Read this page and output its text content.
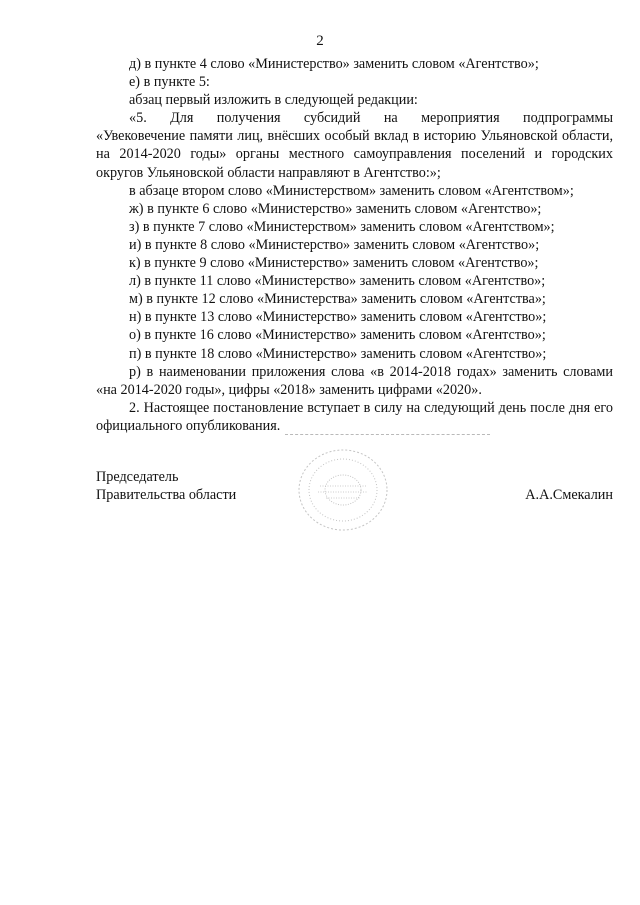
2

д) в пункте 4 слово «Министерство» заменить словом «Агентство»;

е) в пункте 5:

абзац первый изложить в следующей редакции:

«5. Для получения субсидий на мероприятия подпрограммы
«Увековечение памяти лиц, внёсших особый вклад в историю Ульяновской области, на 2014-2020 годы» органы местного самоуправления поселений и городских округов Ульяновской области направляют в Агентство:»;

в абзаце втором слово «Министерством» заменить словом «Агентством»;

ж) в пункте 6 слово «Министерство» заменить словом «Агентство»;

з) в пункте 7 слово «Министерством» заменить словом «Агентством»;

и) в пункте 8 слово «Министерство» заменить словом «Агентство»;

к) в пункте 9 слово «Министерство» заменить словом «Агентство»;

л) в пункте 11 слово «Министерство» заменить словом «Агентство»;

м) в пункте 12 слово «Министерства» заменить словом «Агентства»;

н) в пункте 13 слово «Министерство» заменить словом «Агентство»;

о) в пункте 16 слово «Министерство» заменить словом «Агентство»;

п) в пункте 18 слово «Министерство» заменить словом «Агентство»;

р) в наименовании приложения слова «в 2014-2018 годах» заменить словами «на 2014-2020 годы», цифры «2018» заменить цифрами «2020».

2. Настоящее постановление вступает в силу на следующий день после дня его официального опубликования.

Председатель
Правительства области	А.А.Смекалин
